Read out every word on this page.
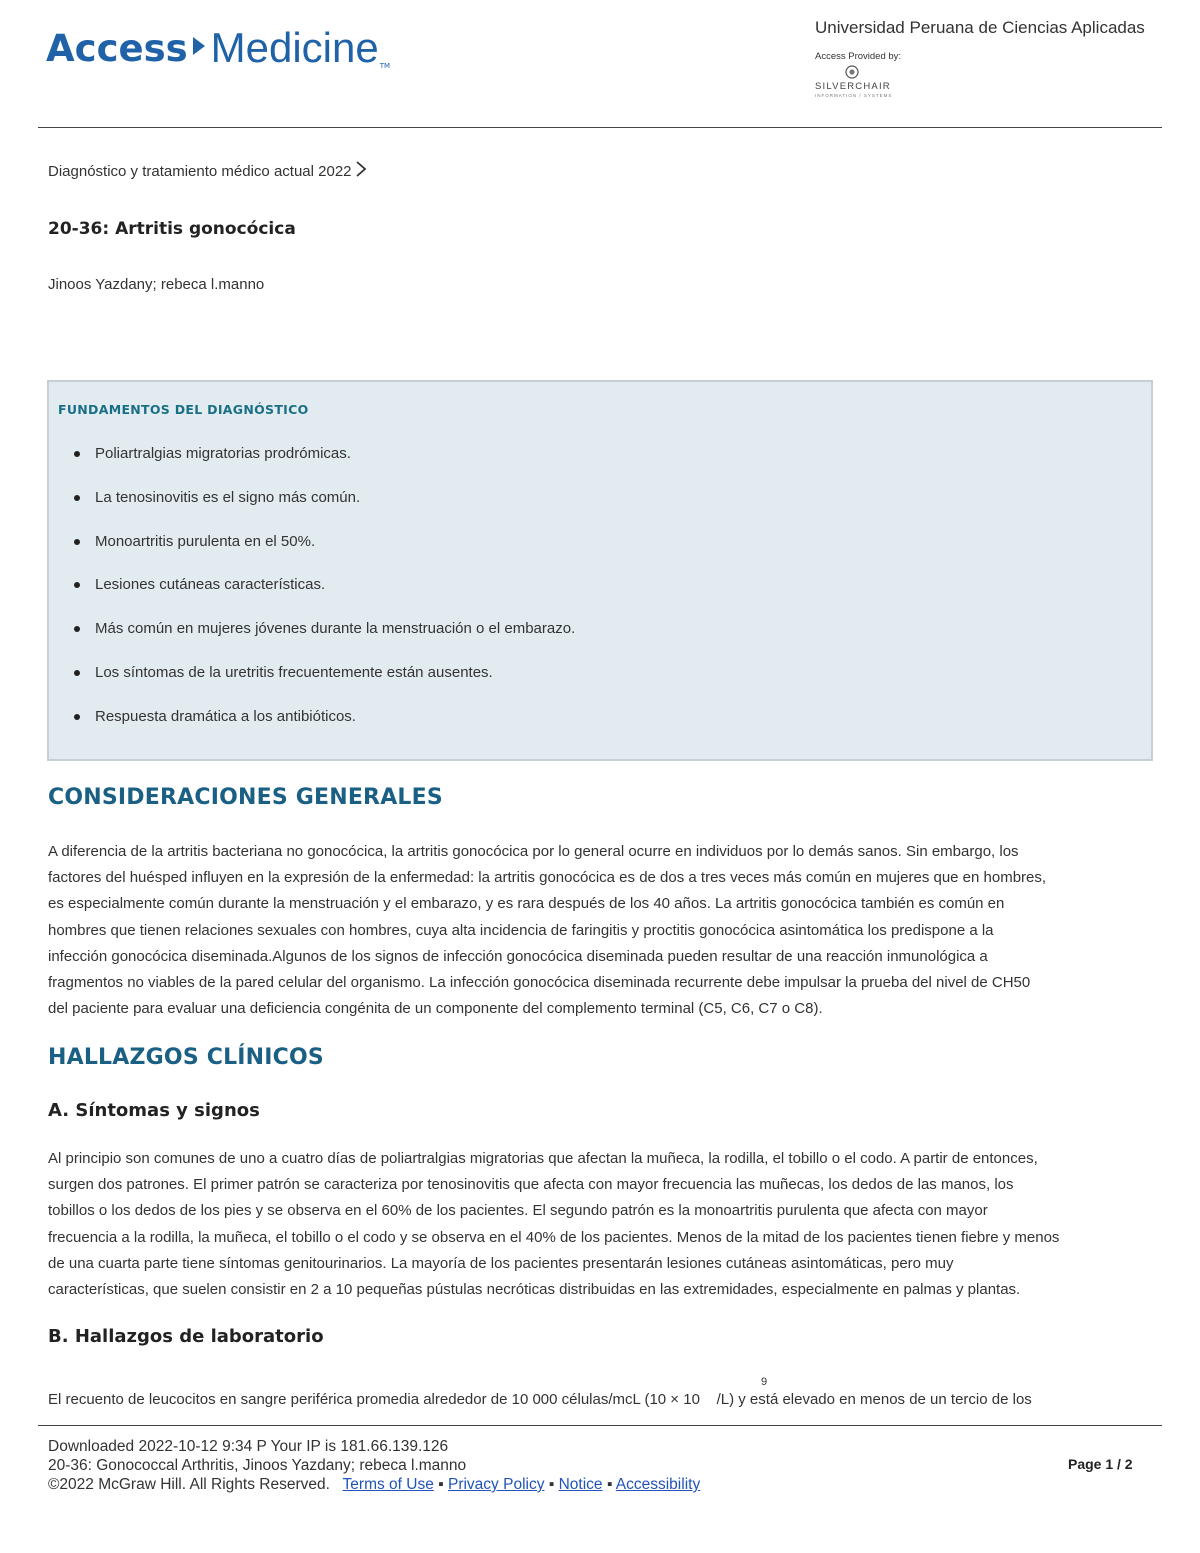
Access Medicine TM
Universidad Peruana de Ciencias Aplicadas
Access Provided by:
SILVERCHAIR
INFORMATION / SYSTEMS
Diagnóstico y tratamiento médico actual 2022
20-36: Artritis gonocócica
Jinoos Yazdany; rebeca l.manno
FUNDAMENTOS DEL DIAGNÓSTICO
Poliartralgias migratorias prodrómicas.
La tenosinovitis es el signo más común.
Monoartritis purulenta en el 50%.
Lesiones cutáneas características.
Más común en mujeres jóvenes durante la menstruación o el embarazo.
Los síntomas de la uretritis frecuentemente están ausentes.
Respuesta dramática a los antibióticos.
CONSIDERACIONES GENERALES

A diferencia de la artritis bacteriana no gonocócica, la artritis gonocócica por lo general ocurre en individuos por lo demás sanos. Sin embargo, los
factores del huésped influyen en la expresión de la enfermedad: la artritis gonocócica es de dos a tres veces más común en mujeres que en hombres,
es especialmente común durante la menstruación y el embarazo, y es rara después de los 40 años. La artritis gonocócica también es común en
hombres que tienen relaciones sexuales con hombres, cuya alta incidencia de faringitis y proctitis gonocócica asintomática los predispone a la
infección gonocócica diseminada.Algunos de los signos de infección gonocócica diseminada pueden resultar de una reacción inmunológica a
fragmentos no viables de la pared celular del organismo. La infección gonocócica diseminada recurrente debe impulsar la prueba del nivel de CH50
del paciente para evaluar una deficiencia congénita de un componente del complemento terminal (C5, C6, C7 o C8).

HALLAZGOS CLÍNICOS
A. Síntomas y signos

Al principio son comunes de uno a cuatro días de poliartralgias migratorias que afectan la muñeca, la rodilla, el tobillo o el codo. A partir de entonces,
surgen dos patrones. El primer patrón se caracteriza por tenosinovitis que afecta con mayor frecuencia las muñecas, los dedos de las manos, los
tobillos o los dedos de los pies y se observa en el 60% de los pacientes. El segundo patrón es la monoartritis purulenta que afecta con mayor
frecuencia a la rodilla, la muñeca, el tobillo o el codo y se observa en el 40% de los pacientes. Menos de la mitad de los pacientes tienen fiebre y menos
de una cuarta parte tiene síntomas genitourinarios. La mayoría de los pacientes presentarán lesiones cutáneas asintomáticas, pero muy
características, que suelen consistir en 2 a 10 pequeñas pústulas necróticas distribuidas en las extremidades, especialmente en palmas y plantas.

B. Hallazgos de laboratorio
9

El recuento de leucocitos en sangre periférica promedia alrededor de 10 000 células/mcL (10 × 10    /L) y está elevado en menos de un tercio de los

Downloaded 2022-10-12 9:34 P Your IP is 181.66.139.126
20-36: Gonococcal Arthritis, Jinoos Yazdany; rebeca l.manno
©2022 McGraw Hill. All Rights Reserved. Terms of Use ▪ Privacy Policy ▪ Notice ▪ Accessibility
Page 1 / 2
